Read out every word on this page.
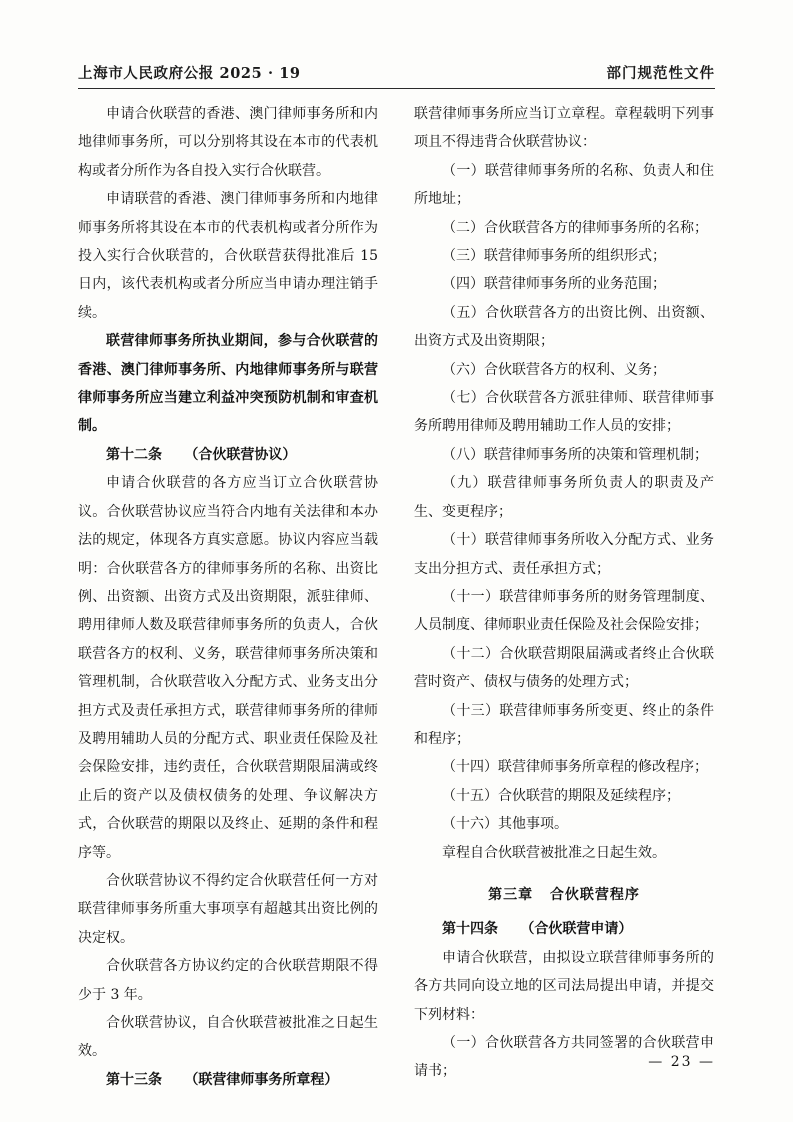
上海市人民政府公报 2025 · 19	部门规范性文件

申请合伙联营的香港、澳门律师事务所和内地律师事务所，可以分别将其设在本市的代表机构或者分所作为各自投入实行合伙联营。

申请联营的香港、澳门律师事务所和内地律师事务所将其设在本市的代表机构或者分所作为投入实行合伙联营的，合伙联营获得批准后 15 日内，该代表机构或者分所应当申请办理注销手续。

联营律师事务所执业期间，参与合伙联营的香港、澳门律师事务所、内地律师事务所与联营律师事务所应当建立利益冲突预防机制和审查机制。

第十二条 （合伙联营协议）

申请合伙联营的各方应当订立合伙联营协议。合伙联营协议应当符合内地有关法律和本办法的规定，体现各方真实意愿。协议内容应当载明：合伙联营各方的律师事务所的名称、出资比例、出资额、出资方式及出资期限，派驻律师、聘用律师人数及联营律师事务所的负责人，合伙联营各方的权利、义务，联营律师事务所决策和管理机制，合伙联营收入分配方式、业务支出分担方式及责任承担方式，联营律师事务所的律师及聘用辅助人员的分配方式、职业责任保险及社会保险安排，违约责任，合伙联营期限届满或终止后的资产以及债权债务的处理、争议解决方式，合伙联营的期限以及终止、延期的条件和程序等。

合伙联营协议不得约定合伙联营任何一方对联营律师事务所重大事项享有超越其出资比例的决定权。

合伙联营各方协议约定的合伙联营期限不得少于 3 年。

合伙联营协议，自合伙联营被批准之日起生效。

第十三条 （联营律师事务所章程）

联营律师事务所应当订立章程。章程载明下列事项且不得违背合伙联营协议：

（一）联营律师事务所的名称、负责人和住所地址；

（二）合伙联营各方的律师事务所的名称；

（三）联营律师事务所的组织形式；

（四）联营律师事务所的业务范围；

（五）合伙联营各方的出资比例、出资额、出资方式及出资期限；

（六）合伙联营各方的权利、义务；

（七）合伙联营各方派驻律师、联营律师事务所聘用律师及聘用辅助工作人员的安排；

（八）联营律师事务所的决策和管理机制；

（九）联营律师事务所负责人的职责及产生、变更程序；

（十）联营律师事务所收入分配方式、业务支出分担方式、责任承担方式；

（十一）联营律师事务所的财务管理制度、人员制度、律师职业责任保险及社会保险安排；

（十二）合伙联营期限届满或者终止合伙联营时资产、债权与债务的处理方式；

（十三）联营律师事务所变更、终止的条件和程序；

（十四）联营律师事务所章程的修改程序；

（十五）合伙联营的期限及延续程序；

（十六）其他事项。

章程自合伙联营被批准之日起生效。

第三章 合伙联营程序

第十四条 （合伙联营申请）

申请合伙联营，由拟设立联营律师事务所的各方共同向设立地的区司法局提出申请，并提交下列材料：

（一）合伙联营各方共同签署的合伙联营申请书；

— 23 —
